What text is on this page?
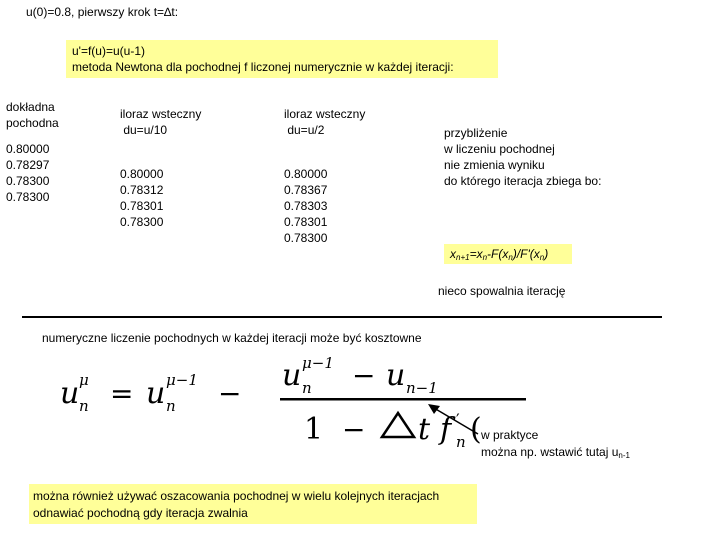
u(0)=0.8, pierwszy krok t=∆t:
u'=f(u)=u(u-1)
metoda Newtona dla pochodnej f liczonej numerycznie w każdej iteracji:
dokładna
pochodna
0.80000
0.78297
0.78300
0.78300
iloraz wsteczny
du=u/10
0.80000
0.78312
0.78301
0.78300
iloraz wsteczny
du=u/2
0.80000
0.78367
0.78303
0.78301
0.78300
przybliżenie
w liczeniu pochodnej
nie zmienia wyniku
do którego iteracja zbiega bo:
$x_{n+1}=x_n-F(x_n)/F'(x_n)$
nieco spowalnia iterację
numeryczne liczenie pochodnych w każdej iteracji może być kosztowne
u μ
n = u μ−1
n −
u μ−1
n − u n−1
1 − t f ′
n ( w praktyce
można np. wstawić tutaj $u_{n-1}$
można również używać oszacowania pochodnej w wielu kolejnych iteracjach
odnawiać pochodną gdy iteracja zwalnia
